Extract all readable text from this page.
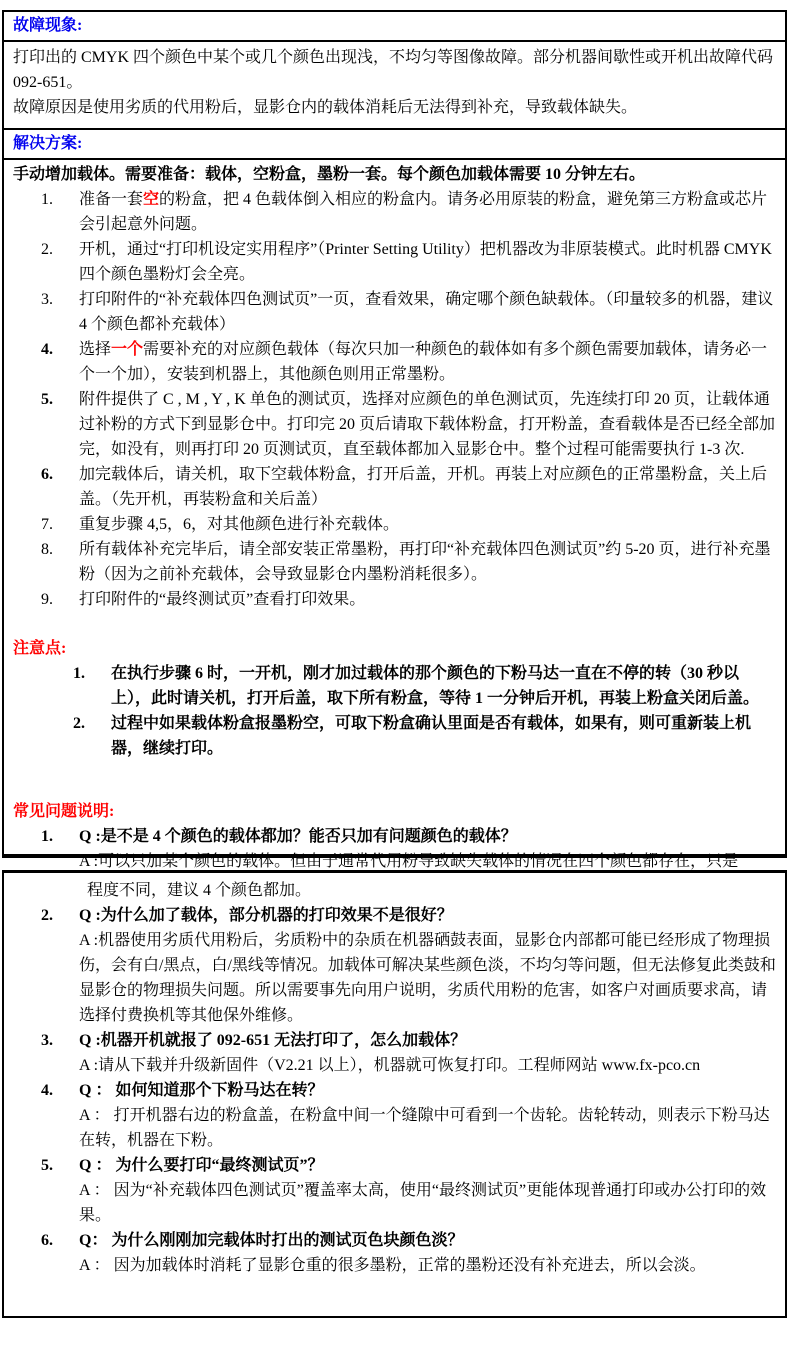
故障现象:
打印出的 CMYK 四个颜色中某个或几个颜色出现浅，不均匀等图像故障。部分机器间歇性或开机出故障代码 092-651。
故障原因是使用劣质的代用粉后，显影仓内的载体消耗后无法得到补充，导致载体缺失。
解决方案:
手动增加载体。需要准备：载体，空粉盒，墨粉一套。每个颜色加载体需要 10 分钟左右。
1.	准备一套空的粉盒，把 4 色载体倒入相应的粉盒内。请务必用原装的粉盒，避免第三方粉盒或芯片会引起意外问题。
2.	开机，通过“打印机设定实用程序”（Printer Setting Utility）把机器改为非原装模式。此时机器 CMYK 四个颜色墨粉灯会全亮。
3.	打印附件的“补充载体四色测试页”一页，查看效果，确定哪个颜色缺载体。（印量较多的机器，建议 4 个颜色都补充载体）
4.	选择一个需要补充的对应颜色载体（每次只加一种颜色的载体如有多个颜色需要加载体，请务必一个一个加），安装到机器上，其他颜色则用正常墨粉。
5.	附件提供了 C , M , Y , K 单色的测试页，选择对应颜色的单色测试页，先连续打印 20 页，让载体通过补粉的方式下到显影仓中。打印完 20 页后请取下载体粉盒，打开粉盖，查看载体是否已经全部加完，如没有，则再打印 20 页测试页，直至载体都加入显影仓中。整个过程可能需要执行 1-3 次.
6.	加完载体后，请关机，取下空载体粉盒，打开后盖，开机。再装上对应颜色的正常墨粉盒，关上后盖。（先开机，再装粉盒和关后盖）
7.	重复步骤 4,5，6，对其他颜色进行补充载体。
8.	所有载体补充完毕后，请全部安装正常墨粉，再打印“补充载体四色测试页”约 5-20 页，进行补充墨粉（因为之前补充载体，会导致显影仓内墨粉消耗很多）。
9.	打印附件的“最终测试页”查看打印效果。
注意点:
1.	在执行步骤 6 时，一开机，刚才加过载体的那个颜色的下粉马达一直在不停的转（30 秒以上），此时请关机，打开后盖，取下所有粉盒，等待 1 一分钟后开机，再装上粉盒关闭后盖。
2.	过程中如果载体粉盒报墨粉空，可取下粉盒确认里面是否有载体，如果有，则可重新装上机器，继续打印。
常见问题说明:
1.	Q :是不是 4 个颜色的载体都加？能否只加有问题颜色的载体？
A :可以只加某个颜色的载体。但由于通常代用粉导致缺失载体的情况在四个颜色都存在，只是
程度不同，建议 4 个颜色都加。
2.	Q :为什么加了载体，部分机器的打印效果不是很好？
A :机器使用劣质代用粉后，劣质粉中的杂质在机器硒鼓表面，显影仓内部都可能已经形成了物理损伤，会有白/黑点，白/黑线等情况。加载体可解决某些颜色淡，不均匀等问题，但无法修复此类鼓和显影仓的物理损失问题。所以需要事先向用户说明，劣质代用粉的危害，如客户对画质要求高，请选择付费换机等其他保外维修。
3.	Q :机器开机就报了 092-651 无法打印了，怎么加载体？
A :请从下载并升级新固件（V2.21 以上），机器就可恢复打印。工程师网站 www.fx-pco.cn
4.	Q ： 如何知道那个下粉马达在转？
A ： 打开机器右边的粉盒盖，在粉盒中间一个缝隙中可看到一个齿轮。齿轮转动，则表示下粉马达在转，机器在下粉。
5.	Q ： 为什么要打印“最终测试页”？
A ： 因为“补充载体四色测试页”覆盖率太高，使用“最终测试页”更能体现普通打印或办公打印的效果。
6.	Q： 为什么刚刚加完载体时打出的测试页色块颜色淡？
A ： 因为加载体时消耗了显影仓重的很多墨粉，正常的墨粉还没有补充进去，所以会淡。
